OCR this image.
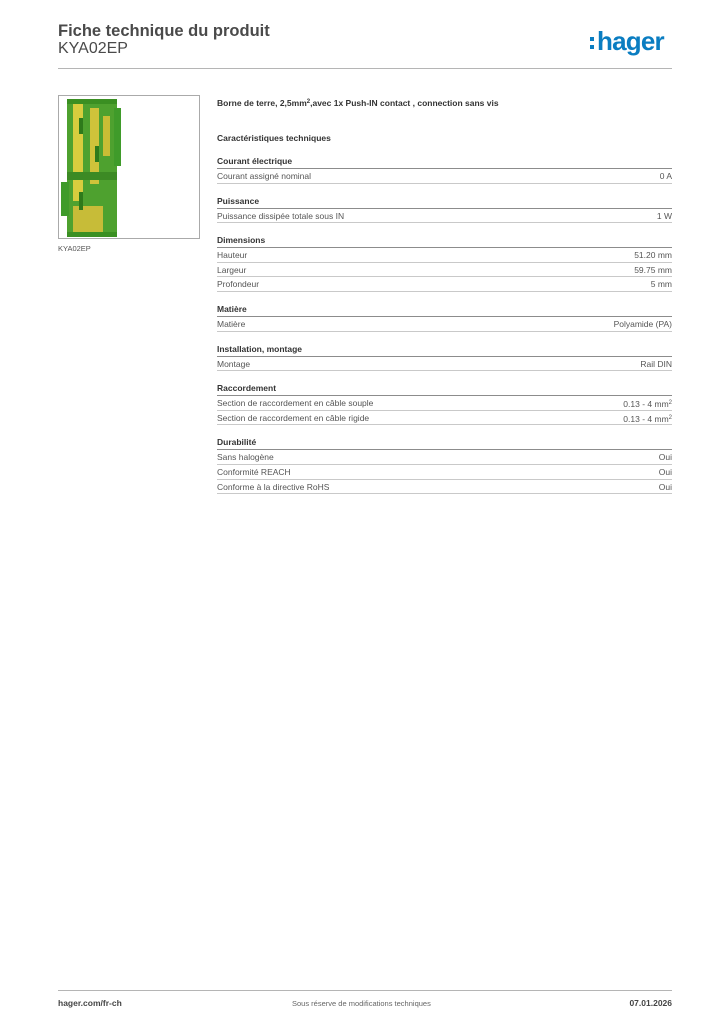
Fiche technique du produit
KYA02EP	hager
KYA02EP
Borne de terre, $2,5mm^2,avec$ 1x Push-IN contact , connection sans vis
Caractéristiques techniques
Courant électrique
Courant assigné nominal	0 A
Puissance
Puissance dissipée totale sous IN	1 W
Dimensions
Hauteur	51.20 mm
Largeur	59.75 mm
Profondeur	5 mm
Matière
Matière	Polyamide (PA)
Installation, montage
Montage	Rail DIN
Raccordement
Section de raccordement en câble souple	0.13 - 4 $mm^2$
Section de raccordement en câble rigide	0.13 - 4 $mm^2$
Durabilité
Sans halogène	Oui
Conformité REACH	Oui
Conforme à la directive RoHS	Oui
hager.com/fr-ch	Sous réserve de modifications techniques	07.01.2026
